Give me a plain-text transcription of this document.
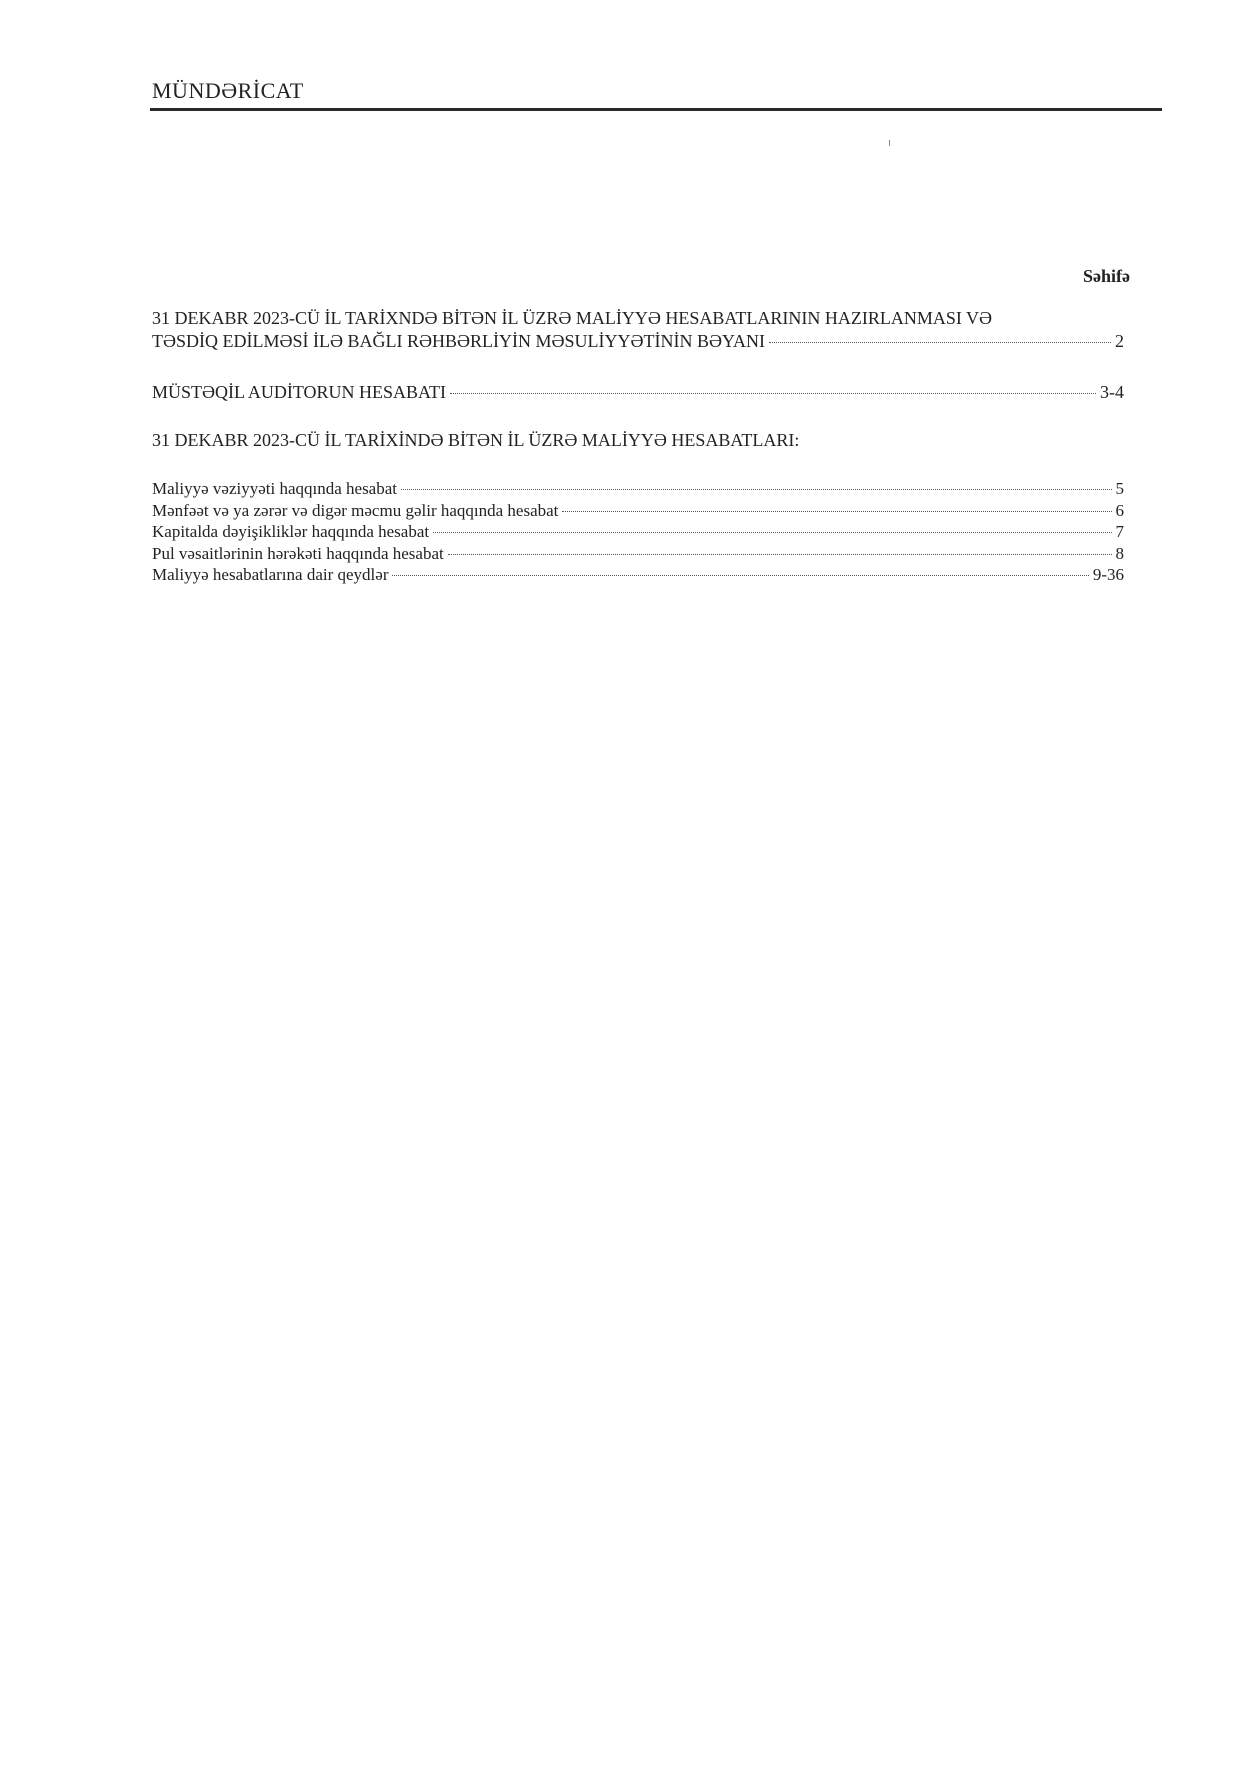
MÜNDƏRİCAT
Səhifə
31 DEKABR 2023-CÜ İL TARİXNDƏ BİTƏN İL ÜZRƏ MALİYYƏ HESABATLARININ HAZIRLANMASI VƏ
TƏSDİQ EDİLMƏSİ İLƏ BAĞLI RƏHBƏRLİYİN MƏSULİYYƏTİNİN BƏYANI	2
MÜSTƏQİL AUDİTORUN HESABATI	3-4
31 DEKABR 2023-CÜ İL TARİXİNDƏ BİTƏN İL ÜZRƏ MALİYYƏ HESABATLARI:
Maliyyə vəziyyəti haqqında hesabat	5
Mənfəət və ya zərər və digər məcmu gəlir haqqında hesabat	6
Kapitalda dəyişikliklər haqqında hesabat	7
Pul vəsaitlərinin hərəkəti haqqında hesabat	8
Maliyyə hesabatlarına dair qeydlər	9-36
